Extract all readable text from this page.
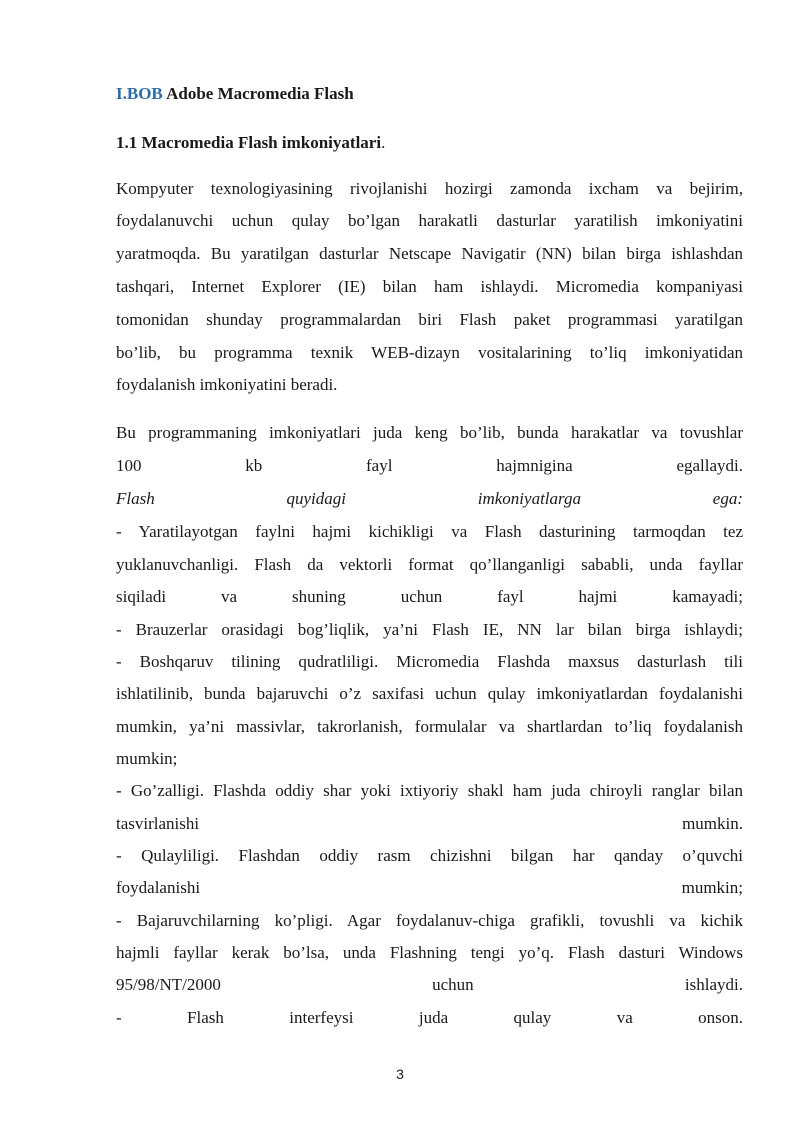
I.BOB Adobe Macromedia Flash
1.1 Macromedia Flash imkoniyatlari.
Kompyuter texnologiyasining rivojlanishi hozirgi zamonda ixcham va bejirim,
foydalanuvchi uchun qulay bo’lgan harakatli dasturlar yaratilish imkoniyatini
yaratmoqda. Bu yaratilgan dasturlar Netscape Navigatir (NN) bilan birga ishlashdan
tashqari, Internet Explorer (IE) bilan ham ishlaydi. Micromedia kompaniyasi
tomonidan shunday programmalardan biri Flash paket programmasi yaratilgan
bo’lib, bu programma texnik WEB-dizayn vositalarining to’liq imkoniyatidan
foydalanish imkoniyatini beradi.
Bu programmaning imkoniyatlari juda keng bo’lib, bunda harakatlar va tovushlar
100 kb fayl hajmnigina egallaydi.
Flash quyidagi imkoniyatlarga ega:
- Yaratilayotgan faylni hajmi kichikligi va Flash dasturining tarmoqdan tez
yuklanuvchanligi. Flash da vektorli format qo’llanganligi sababli, unda fayllar
siqiladi va shuning uchun fayl hajmi kamayadi;
- Brauzerlar orasidagi bog’liqlik, ya’ni Flash IE, NN lar bilan birga ishlaydi;
- Boshqaruv tilining qudratliligi. Micromedia Flashda maxsus dasturlash tili
ishlatilinib, bunda bajaruvchi o’z saxifasi uchun qulay imkoniyatlardan foydalanishi
mumkin, ya’ni massivlar, takrorlanish, formulalar va shartlardan to’liq foydalanish
mumkin;
- Go’zalligi. Flashda oddiy shar yoki ixtiyoriy shakl ham juda chiroyli ranglar bilan
tasvirlanishi mumkin.
- Qulayliligi. Flashdan oddiy rasm chizishni bilgan har qanday o’quvchi
foydalanishi mumkin;
- Bajaruvchilarning ko’pligi. Agar foydalanuv-chiga grafikli, tovushli va kichik
hajmli fayllar kerak bo’lsa, unda Flashning tengi yo’q. Flash dasturi Windows
95/98/NT/2000 uchun ishlaydi.
- Flash interfeysi juda qulay va onson.
3
